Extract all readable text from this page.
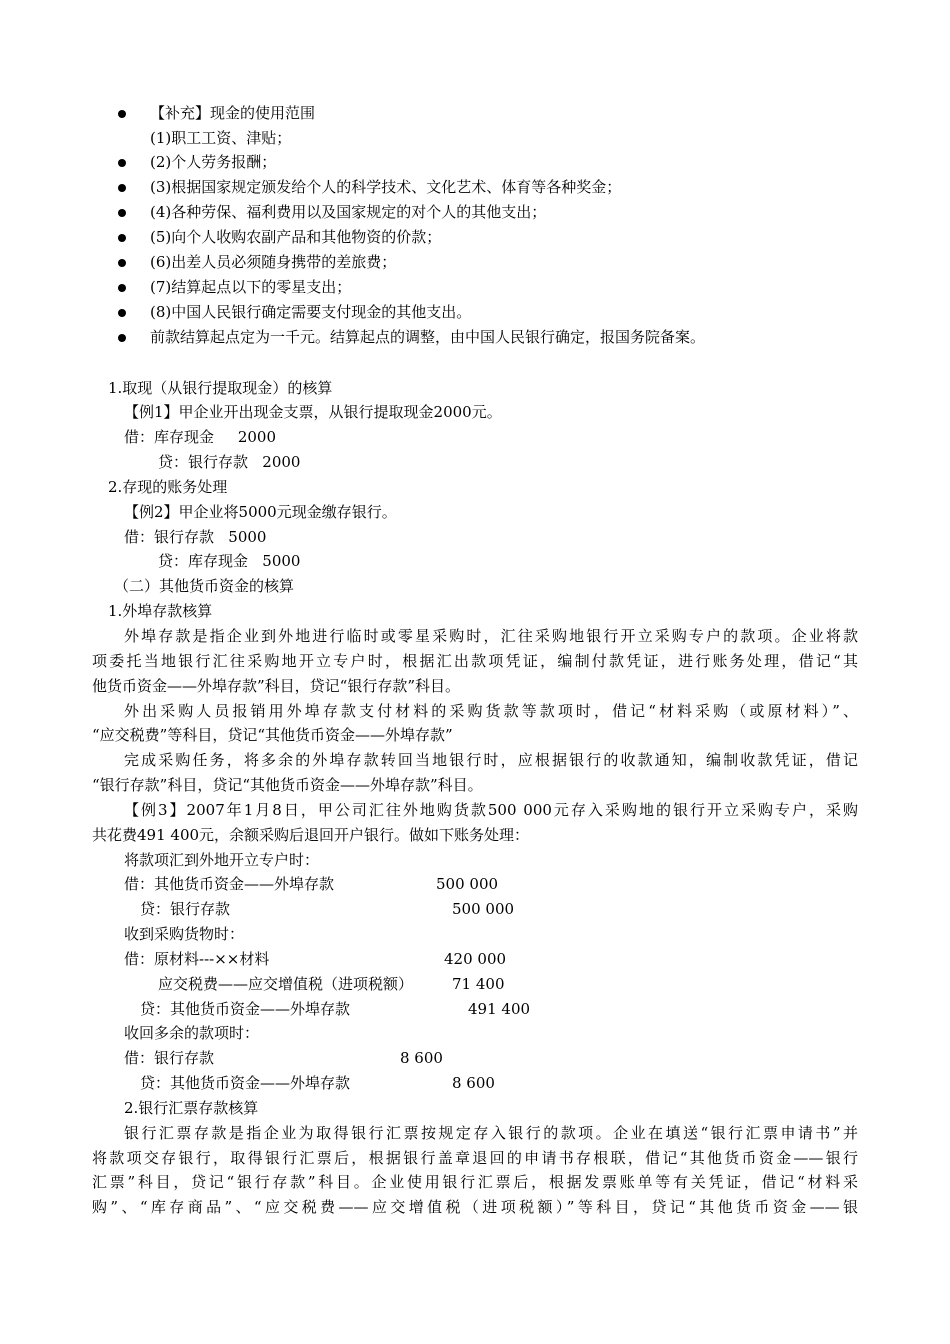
【补充】现金的使用范围
(1)职工工资、津贴；
(2)个人劳务报酬；
(3)根据国家规定颁发给个人的科学技术、文化艺术、体育等各种奖金；
(4)各种劳保、福利费用以及国家规定的对个人的其他支出；
(5)向个人收购农副产品和其他物资的价款；
(6)出差人员必须随身携带的差旅费；
(7)结算起点以下的零星支出；
(8)中国人民银行确定需要支付现金的其他支出。
前款结算起点定为一千元。结算起点的调整，由中国人民银行确定，报国务院备案。
1.取现（从银行提取现金）的核算
【例1】甲企业开出现金支票，从银行提取现金2000元。
借：库存现金     2000
贷：银行存款   2000
2.存现的账务处理
【例2】甲企业将5000元现金缴存银行。
借：银行存款   5000
贷：库存现金   5000
（二）其他货币资金的核算
1.外埠存款核算
外埠存款是指企业到外地进行临时或零星采购时，汇往采购地银行开立采购专户的款项。企业将款
项委托当地银行汇往采购地开立专户时，根据汇出款项凭证，编制付款凭证，进行账务处理，借记“其
他货币资金——外埠存款”科目，贷记“银行存款”科目。
外出采购人员报销用外埠存款支付材料的采购货款等款项时，借记“材料采购（或原材料）”、
“应交税费”等科目，贷记“其他货币资金——外埠存款”
完成采购任务，将多余的外埠存款转回当地银行时，应根据银行的收款通知，编制收款凭证，借记
“银行存款”科目，贷记“其他货币资金——外埠存款”科目。
【例3】2007年1月8日，甲公司汇往外地购货款500 000元存入采购地的银行开立采购专户，采购
共花费491 400元，余额采购后退回开户银行。做如下账务处理：
将款项汇到外地开立专户时：
借：其他货币资金——外埠存款	500 000
贷：银行存款	500 000
收到采购货物时：
借：原材料---××材料	420 000
应交税费——应交增值税（进项税额）	71 400
贷：其他货币资金——外埠存款	491 400
收回多余的款项时：
借：银行存款	8 600
贷：其他货币资金——外埠存款	8 600
2.银行汇票存款核算
银行汇票存款是指企业为取得银行汇票按规定存入银行的款项。企业在填送“银行汇票申请书”并
将款项交存银行，取得银行汇票后，根据银行盖章退回的申请书存根联，借记“其他货币资金——银行
汇票”科目，贷记“银行存款”科目。企业使用银行汇票后，根据发票账单等有关凭证，借记“材料采
购”、“库存商品”、“应交税费——应交增值税（进项税额）”等科目，贷记“其他货币资金——银
